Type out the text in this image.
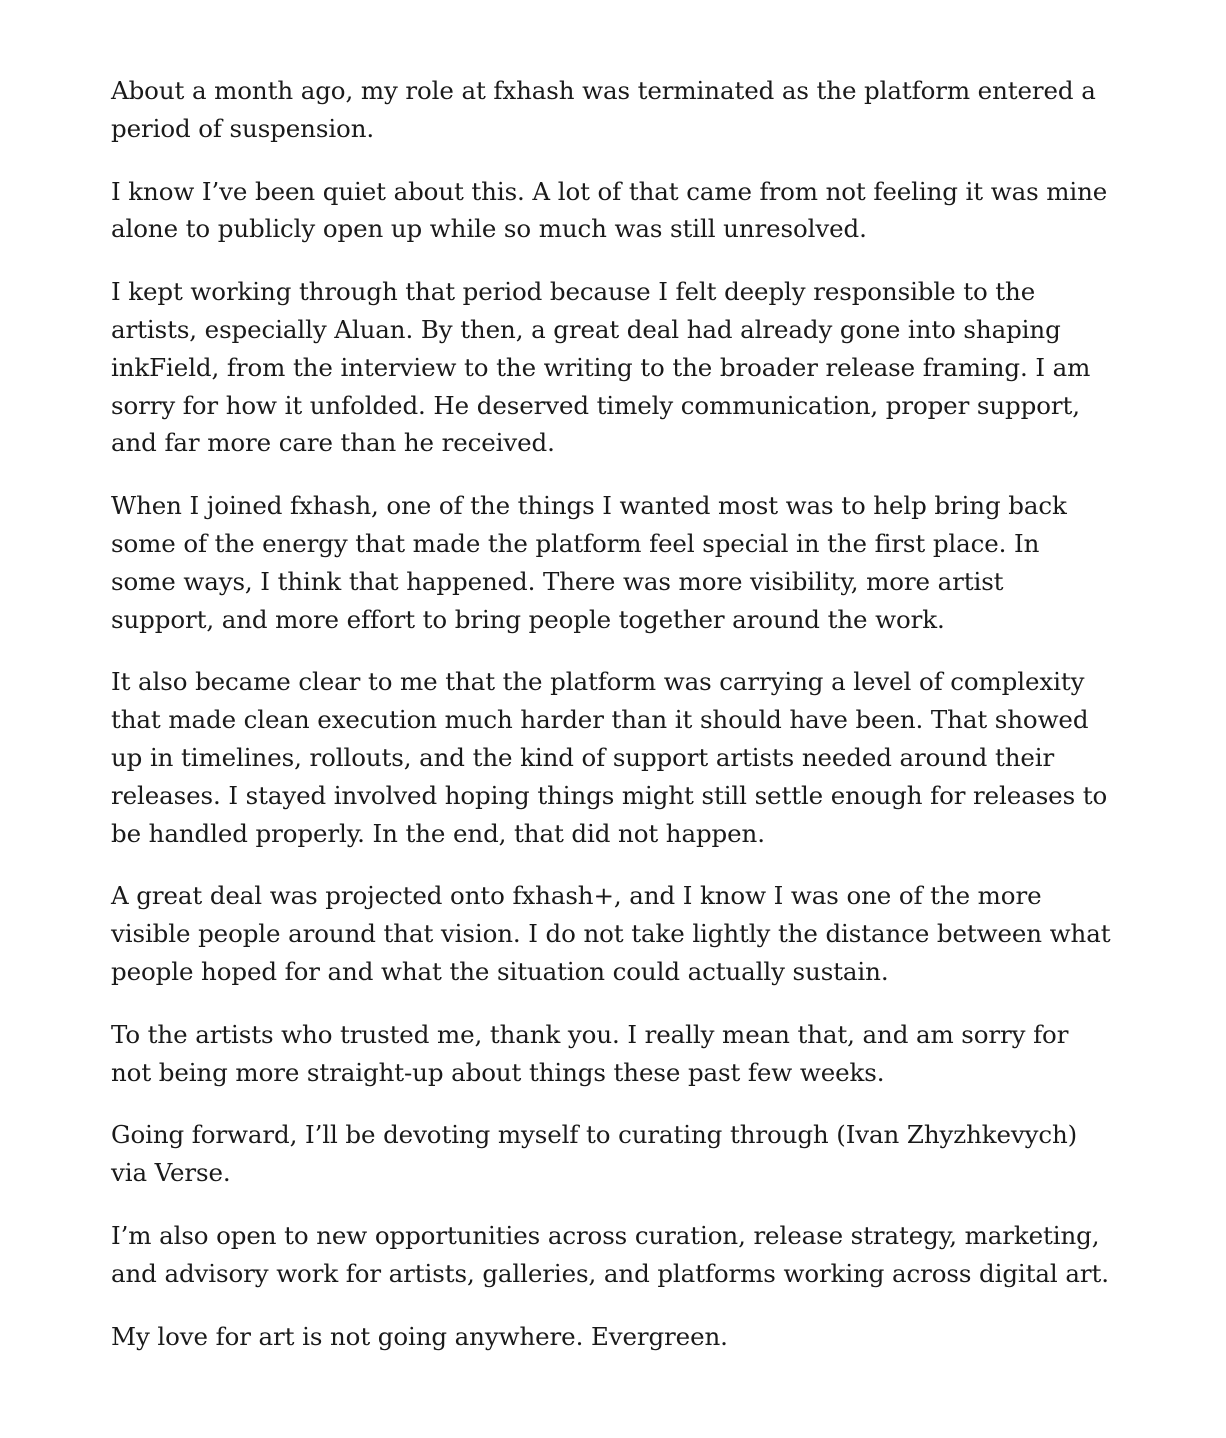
About a month ago, my role at fxhash was terminated as the platform entered a period of suspension.

I know I’ve been quiet about this. A lot of that came from not feeling it was mine alone to publicly open up while so much was still unresolved.

I kept working through that period because I felt deeply responsible to the artists, especially Aluan. By then, a great deal had already gone into shaping inkField, from the interview to the writing to the broader release framing. I am sorry for how it unfolded. He deserved timely communication, proper support, and far more care than he received.

When I joined fxhash, one of the things I wanted most was to help bring back some of the energy that made the platform feel special in the first place. In some ways, I think that happened. There was more visibility, more artist support, and more effort to bring people together around the work.

It also became clear to me that the platform was carrying a level of complexity that made clean execution much harder than it should have been. That showed up in timelines, rollouts, and the kind of support artists needed around their releases. I stayed involved hoping things might still settle enough for releases to be handled properly. In the end, that did not happen.

A great deal was projected onto fxhash+, and I know I was one of the more visible people around that vision. I do not take lightly the distance between what people hoped for and what the situation could actually sustain.

To the artists who trusted me, thank you. I really mean that, and am sorry for not being more straight-up about things these past few weeks.

Going forward, I’ll be devoting myself to curating through (Ivan Zhyzhkevych) via Verse.

I’m also open to new opportunities across curation, release strategy, marketing, and advisory work for artists, galleries, and platforms working across digital art.

My love for art is not going anywhere. Evergreen.
